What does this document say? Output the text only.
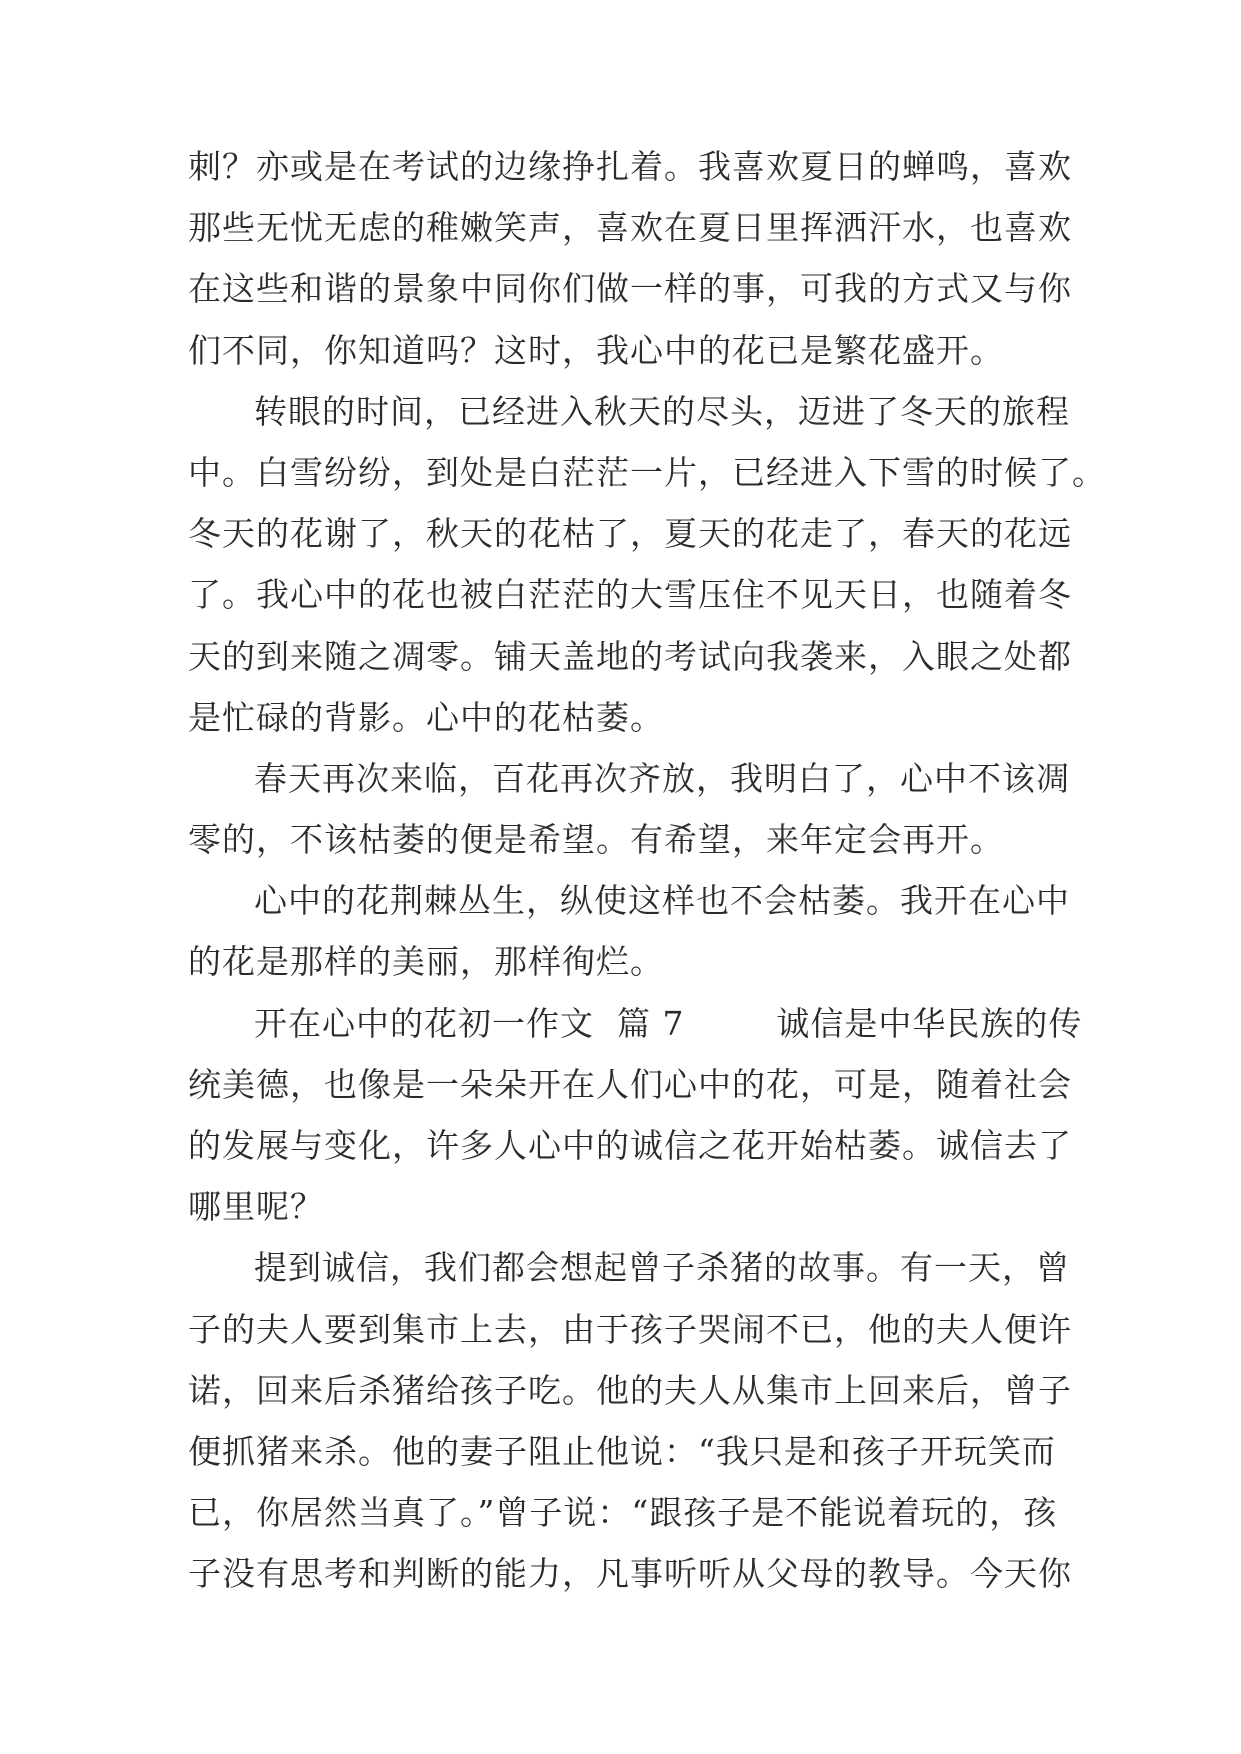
刺？亦或是在考试的边缘挣扎着。我喜欢夏日的蝉鸣，喜欢
那些无忧无虑的稚嫩笑声，喜欢在夏日里挥洒汗水，也喜欢
在这些和谐的景象中同你们做一样的事，可我的方式又与你
们不同，你知道吗？这时，我心中的花已是繁花盛开。
转眼的时间，已经进入秋天的尽头，迈进了冬天的旅程
中。白雪纷纷，到处是白茫茫一片，已经进入下雪的时候了。
冬天的花谢了，秋天的花枯了，夏天的花走了，春天的花远
了。我心中的花也被白茫茫的大雪压住不见天日，也随着冬
天的到来随之凋零。铺天盖地的考试向我袭来，入眼之处都
是忙碌的背影。心中的花枯萎。
春天再次来临，百花再次齐放，我明白了，心中不该凋
零的，不该枯萎的便是希望。有希望，来年定会再开。
心中的花荆棘丛生，纵使这样也不会枯萎。我开在心中
的花是那样的美丽，那样徇烂。
开在心中的花初一作文  篇 7        诚信是中华民族的传
统美德，也像是一朵朵开在人们心中的花，可是，随着社会
的发展与变化，许多人心中的诚信之花开始枯萎。诚信去了
哪里呢？
提到诚信，我们都会想起曾子杀猪的故事。有一天，曾
子的夫人要到集市上去，由于孩子哭闹不已，他的夫人便许
诺，回来后杀猪给孩子吃。他的夫人从集市上回来后，曾子
便抓猪来杀。他的妻子阻止他说：“我只是和孩子开玩笑而
已，你居然当真了。”曾子说：“跟孩子是不能说着玩的，孩
子没有思考和判断的能力，凡事听听从父母的教导。今天你
